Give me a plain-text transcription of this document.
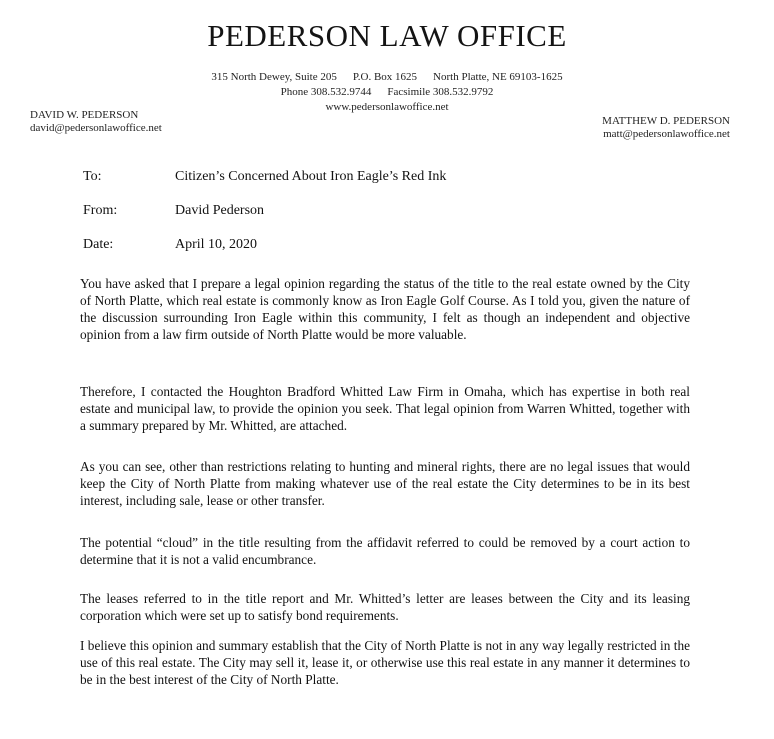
PEDERSON LAW OFFICE
315 North Dewey, Suite 205 P.O. Box 1625 North Platte, NE 69103-1625
Phone 308.532.9744 Facsimile 308.532.9792
www.pedersonlawoffice.net
DAVID W. PEDERSON
david@pedersonlawoffice.net
MATTHEW D. PEDERSON
matt@pedersonlawoffice.net
To:	Citizen’s Concerned About Iron Eagle’s Red Ink
From:	David Pederson
Date:	April 10, 2020

You have asked that I prepare a legal opinion regarding the status of the title to the real estate owned by the City of North Platte, which real estate is commonly know as Iron Eagle Golf Course. As I told you, given the nature of the discussion surrounding Iron Eagle within this community, I felt as though an independent and objective opinion from a law firm outside of North Platte would be more valuable.

Therefore, I contacted the Houghton Bradford Whitted Law Firm in Omaha, which has expertise in both real estate and municipal law, to provide the opinion you seek. That legal opinion from Warren Whitted, together with a summary prepared by Mr. Whitted, are attached.

As you can see, other than restrictions relating to hunting and mineral rights, there are no legal issues that would keep the City of North Platte from making whatever use of the real estate the City determines to be in its best interest, including sale, lease or other transfer.

The potential “cloud” in the title resulting from the affidavit referred to could be removed by a court action to determine that it is not a valid encumbrance.

The leases referred to in the title report and Mr. Whitted’s letter are leases between the City and its leasing corporation which were set up to satisfy bond requirements.

I believe this opinion and summary establish that the City of North Platte is not in any way legally restricted in the use of this real estate. The City may sell it, lease it, or otherwise use this real estate in any manner it determines to be in the best interest of the City of North Platte.
